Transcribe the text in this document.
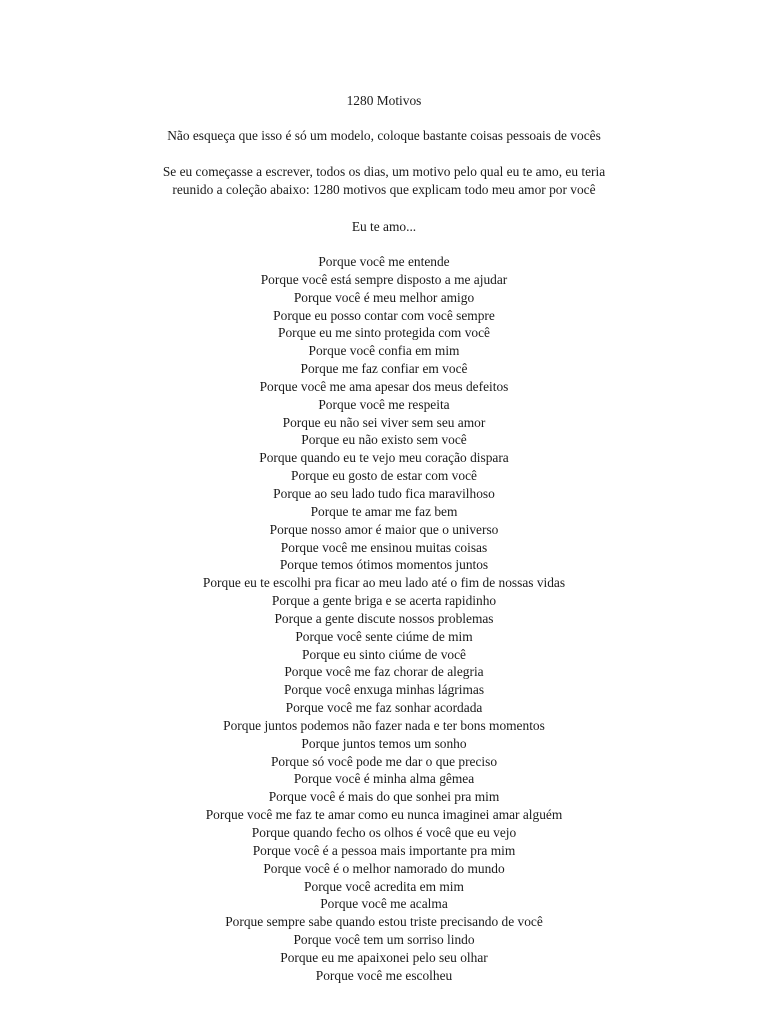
1280 Motivos
Não esqueça que isso é só um modelo, coloque bastante coisas pessoais de vocês
Se eu começasse a escrever, todos os dias, um motivo pelo qual eu te amo, eu teria
reunido a coleção abaixo: 1280 motivos que explicam todo meu amor por você
Eu te amo...
Porque você me entende
Porque você está sempre disposto a me ajudar
Porque você é meu melhor amigo
Porque eu posso contar com você sempre
Porque eu me sinto protegida com você
Porque você confia em mim
Porque me faz confiar em você
Porque você me ama apesar dos meus defeitos
Porque você me respeita
Porque eu não sei viver sem seu amor
Porque eu não existo sem você
Porque quando eu te vejo meu coração dispara
Porque eu gosto de estar com você
Porque ao seu lado tudo fica maravilhoso
Porque te amar me faz bem
Porque nosso amor é maior que o universo
Porque você me ensinou muitas coisas
Porque temos ótimos momentos juntos
Porque eu te escolhi pra ficar ao meu lado até o fim de nossas vidas
Porque a gente briga e se acerta rapidinho
Porque a gente discute nossos problemas
Porque você sente ciúme de mim
Porque eu sinto ciúme de você
Porque você me faz chorar de alegria
Porque você enxuga minhas lágrimas
Porque você me faz sonhar acordada
Porque juntos podemos não fazer nada e ter bons momentos
Porque juntos temos um sonho
Porque só você pode me dar o que preciso
Porque você é minha alma gêmea
Porque você é mais do que sonhei pra mim
Porque você me faz te amar como eu nunca imaginei amar alguém
Porque quando fecho os olhos é você que eu vejo
Porque você é a pessoa mais importante pra mim
Porque você é o melhor namorado do mundo
Porque você acredita em mim
Porque você me acalma
Porque sempre sabe quando estou triste precisando de você
Porque você tem um sorriso lindo
Porque eu me apaixonei pelo seu olhar
Porque você me escolheu
